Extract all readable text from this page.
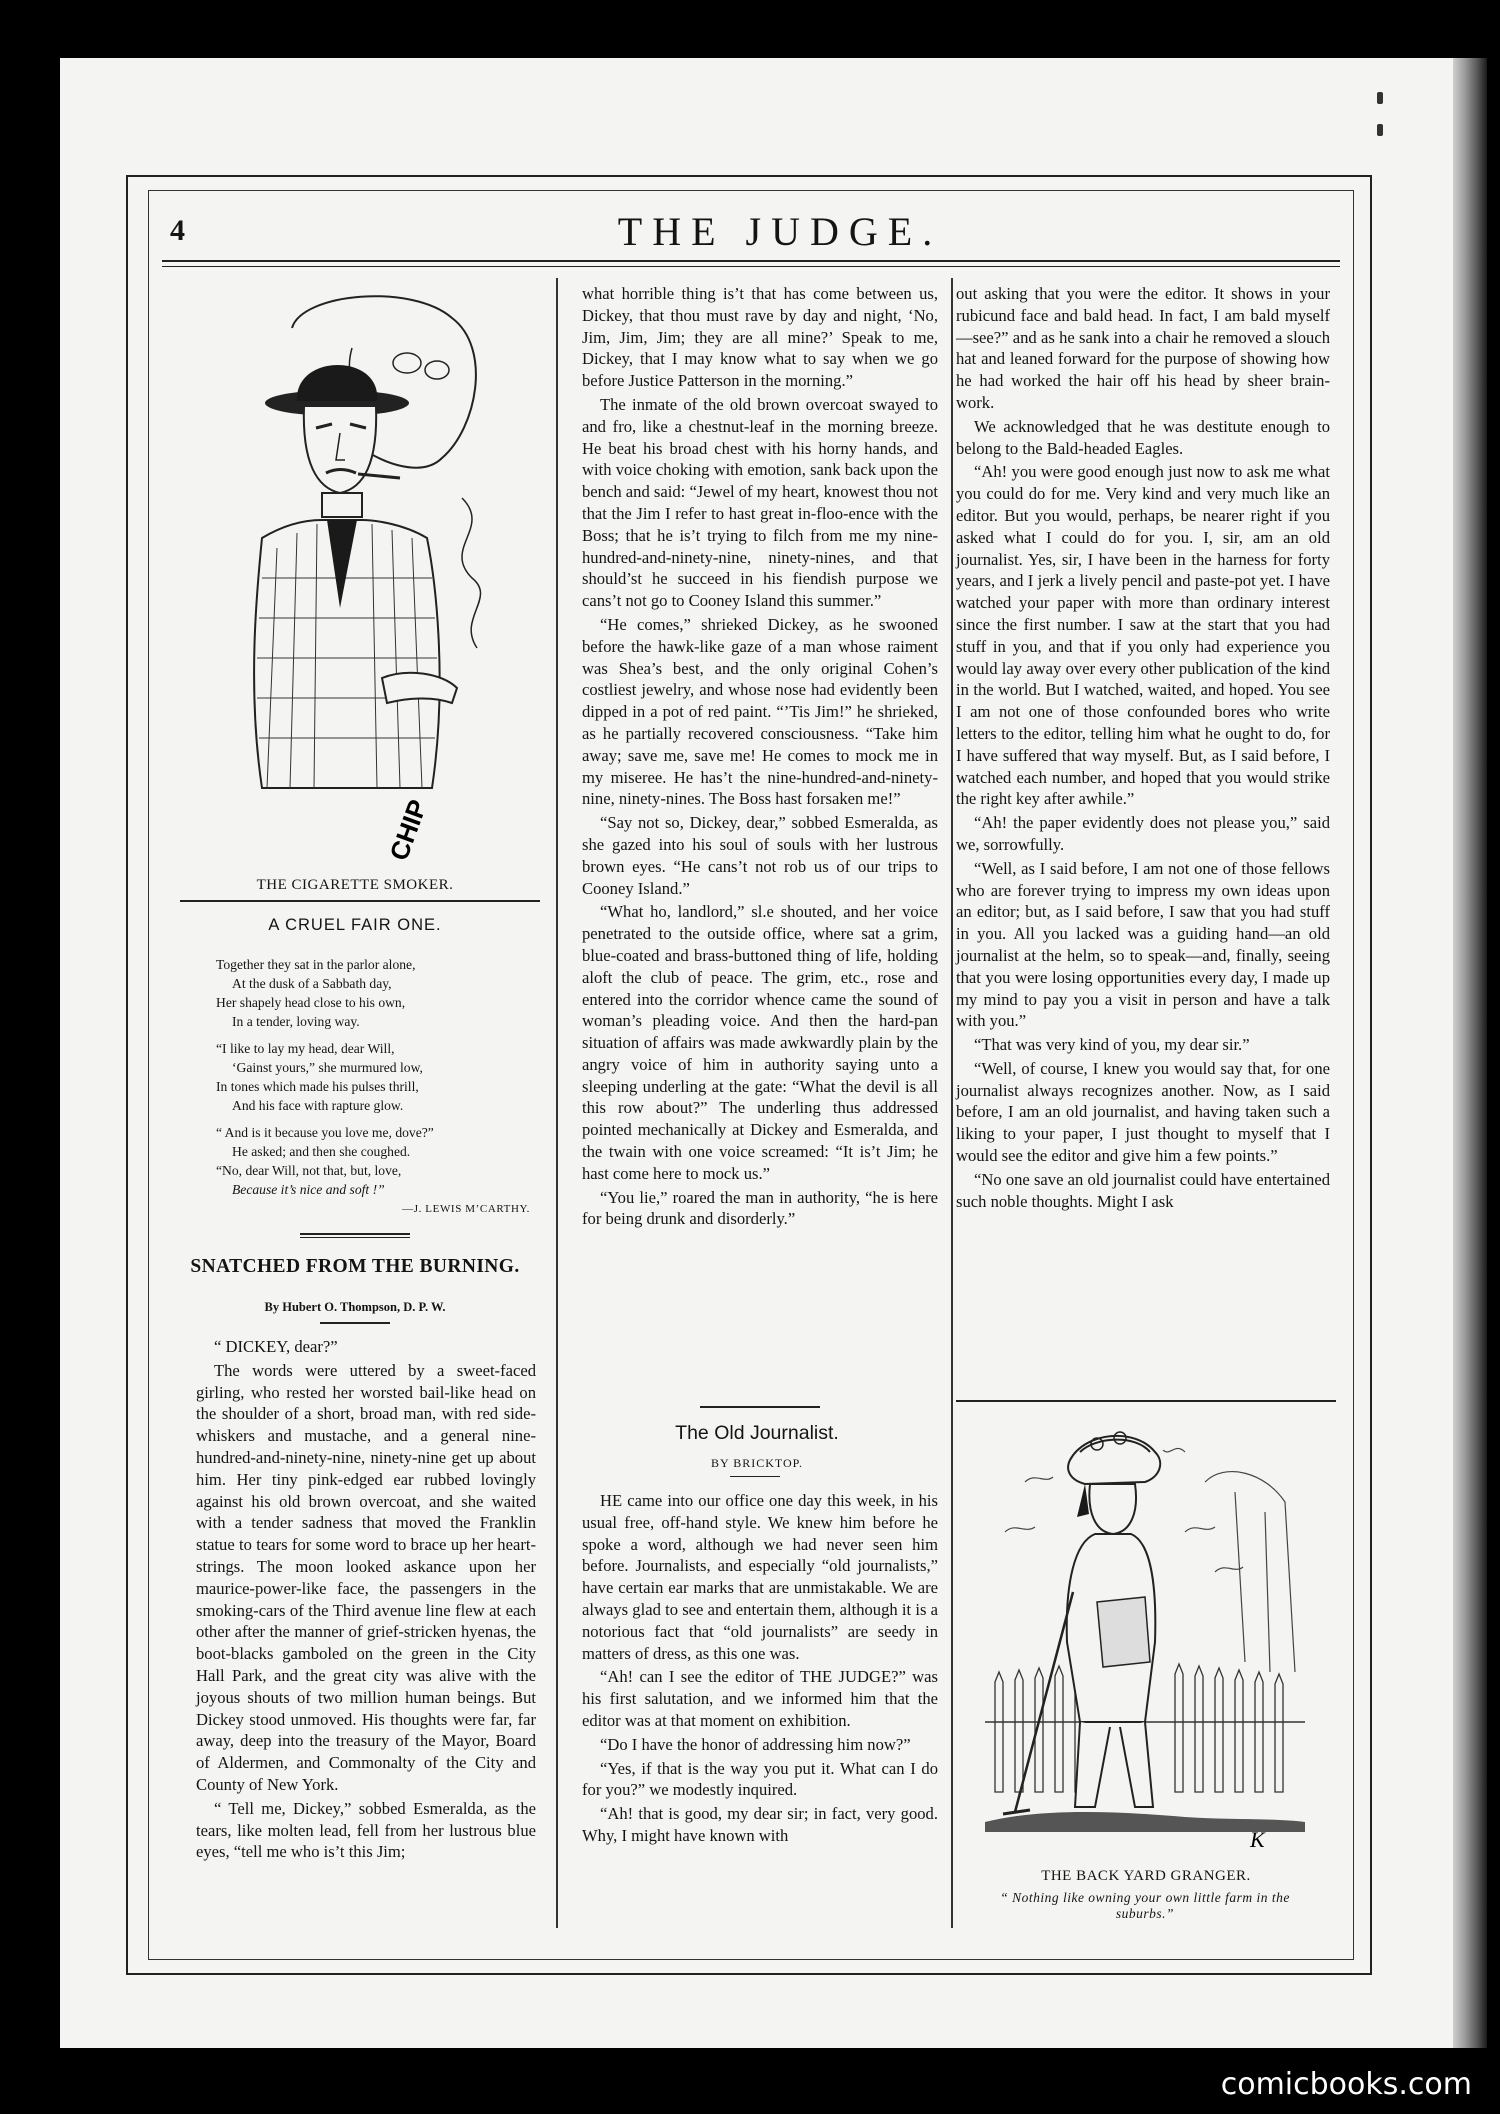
4	THE JUDGE.
CHIP
THE CIGARETTE SMOKER.
A CRUEL FAIR ONE.
Together they sat in the parlor alone,
At the dusk of a Sabbath day,
Her shapely head close to his own,
In a tender, loving way.
“I like to lay my head, dear Will,
‘Gainst yours,” she murmured low,
In tones which made his pulses thrill,
And his face with rapture glow.
“ And is it because you love me, dove?”
He asked; and then she coughed.
“No, dear Will, not that, but, love,
Because it’s nice and soft !”
—J. LEWIS M’CARTHY.
SNATCHED FROM THE BURNING.
By Hubert O. Thompson, D. P. W.

“ DICKEY, dear?”

The words were uttered by a sweet-faced girling, who rested her worsted bail-like head on the shoulder of a short, broad man, with red side-whiskers and mustache, and a general nine-hundred-and-ninety-nine, ninety-nine get up about him. Her tiny pink-edged ear rubbed lovingly against his old brown overcoat, and she waited with a tender sadness that moved the Franklin statue to tears for some word to brace up her heart-strings. The moon looked askance upon her maurice-power-like face, the passengers in the smoking-cars of the Third avenue line flew at each other after the manner of grief-stricken hyenas, the boot-blacks gamboled on the green in the City Hall Park, and the great city was alive with the joyous shouts of two million human beings. But Dickey stood unmoved. His thoughts were far, far away, deep into the treasury of the Mayor, Board of Aldermen, and Commonalty of the City and County of New York.

“ Tell me, Dickey,” sobbed Esmeralda, as the tears, like molten lead, fell from her lustrous blue eyes, “tell me who is’t this Jim;

what horrible thing is’t that has come between us, Dickey, that thou must rave by day and night, ‘No, Jim, Jim, Jim; they are all mine?’ Speak to me, Dickey, that I may know what to say when we go before Justice Patterson in the morning.”

The inmate of the old brown overcoat swayed to and fro, like a chestnut-leaf in the morning breeze. He beat his broad chest with his horny hands, and with voice choking with emotion, sank back upon the bench and said: “Jewel of my heart, knowest thou not that the Jim I refer to hast great in-floo-ence with the Boss; that he is’t trying to filch from me my nine-hundred-and-ninety-nine, ninety-nines, and that should’st he succeed in his fiendish purpose we cans’t not go to Cooney Island this summer.”

“He comes,” shrieked Dickey, as he swooned before the hawk-like gaze of a man whose raiment was Shea’s best, and the only original Cohen’s costliest jewelry, and whose nose had evidently been dipped in a pot of red paint. “’Tis Jim!” he shrieked, as he partially recovered consciousness. “Take him away; save me, save me! He comes to mock me in my miseree. He has’t the nine-hundred-and-ninety-nine, ninety-nines. The Boss hast forsaken me!”

“Say not so, Dickey, dear,” sobbed Esmeralda, as she gazed into his soul of souls with her lustrous brown eyes. “He cans’t not rob us of our trips to Cooney Island.”

“What ho, landlord,” sl.e shouted, and her voice penetrated to the outside office, where sat a grim, blue-coated and brass-buttoned thing of life, holding aloft the club of peace. The grim, etc., rose and entered into the corridor whence came the sound of woman’s pleading voice. And then the hard-pan situation of affairs was made awkwardly plain by the angry voice of him in authority saying unto a sleeping underling at the gate: “What the devil is all this row about?” The underling thus addressed pointed mechanically at Dickey and Esmeralda, and the twain with one voice screamed: “It is’t Jim; he hast come here to mock us.”

“You lie,” roared the man in authority, “he is here for being drunk and disorderly.”

The Old Journalist.
BY BRICKTOP.

HE came into our office one day this week, in his usual free, off-hand style. We knew him before he spoke a word, although we had never seen him before. Journalists, and especially “old journalists,” have certain ear marks that are unmistakable. We are always glad to see and entertain them, although it is a notorious fact that “old journalists” are seedy in matters of dress, as this one was.

“Ah! can I see the editor of THE JUDGE?” was his first salutation, and we informed him that the editor was at that moment on exhibition.

“Do I have the honor of addressing him now?”

“Yes, if that is the way you put it. What can I do for you?” we modestly inquired.

“Ah! that is good, my dear sir; in fact, very good. Why, I might have known with

out asking that you were the editor. It shows in your rubicund face and bald head. In fact, I am bald myself—see?” and as he sank into a chair he removed a slouch hat and leaned forward for the purpose of showing how he had worked the hair off his head by sheer brain-work.

We acknowledged that he was destitute enough to belong to the Bald-headed Eagles.

“Ah! you were good enough just now to ask me what you could do for me. Very kind and very much like an editor. But you would, perhaps, be nearer right if you asked what I could do for you. I, sir, am an old journalist. Yes, sir, I have been in the harness for forty years, and I jerk a lively pencil and paste-pot yet. I have watched your paper with more than ordinary interest since the first number. I saw at the start that you had stuff in you, and that if you only had experience you would lay away over every other publication of the kind in the world. But I watched, waited, and hoped. You see I am not one of those confounded bores who write letters to the editor, telling him what he ought to do, for I have suffered that way myself. But, as I said before, I watched each number, and hoped that you would strike the right key after awhile.”

“Ah! the paper evidently does not please you,” said we, sorrowfully.

“Well, as I said before, I am not one of those fellows who are forever trying to impress my own ideas upon an editor; but, as I said before, I saw that you had stuff in you. All you lacked was a guiding hand—an old journalist at the helm, so to speak—and, finally, seeing that you were losing opportunities every day, I made up my mind to pay you a visit in person and have a talk with you.”

“That was very kind of you, my dear sir.”

“Well, of course, I knew you would say that, for one journalist always recognizes another. Now, as I said before, I am an old journalist, and having taken such a liking to your paper, I just thought to myself that I would see the editor and give him a few points.”

“No one save an old journalist could have entertained such noble thoughts. Might I ask

K
THE BACK YARD GRANGER.
“ Nothing like owning your own little farm in the suburbs.”
comicbooks.com
